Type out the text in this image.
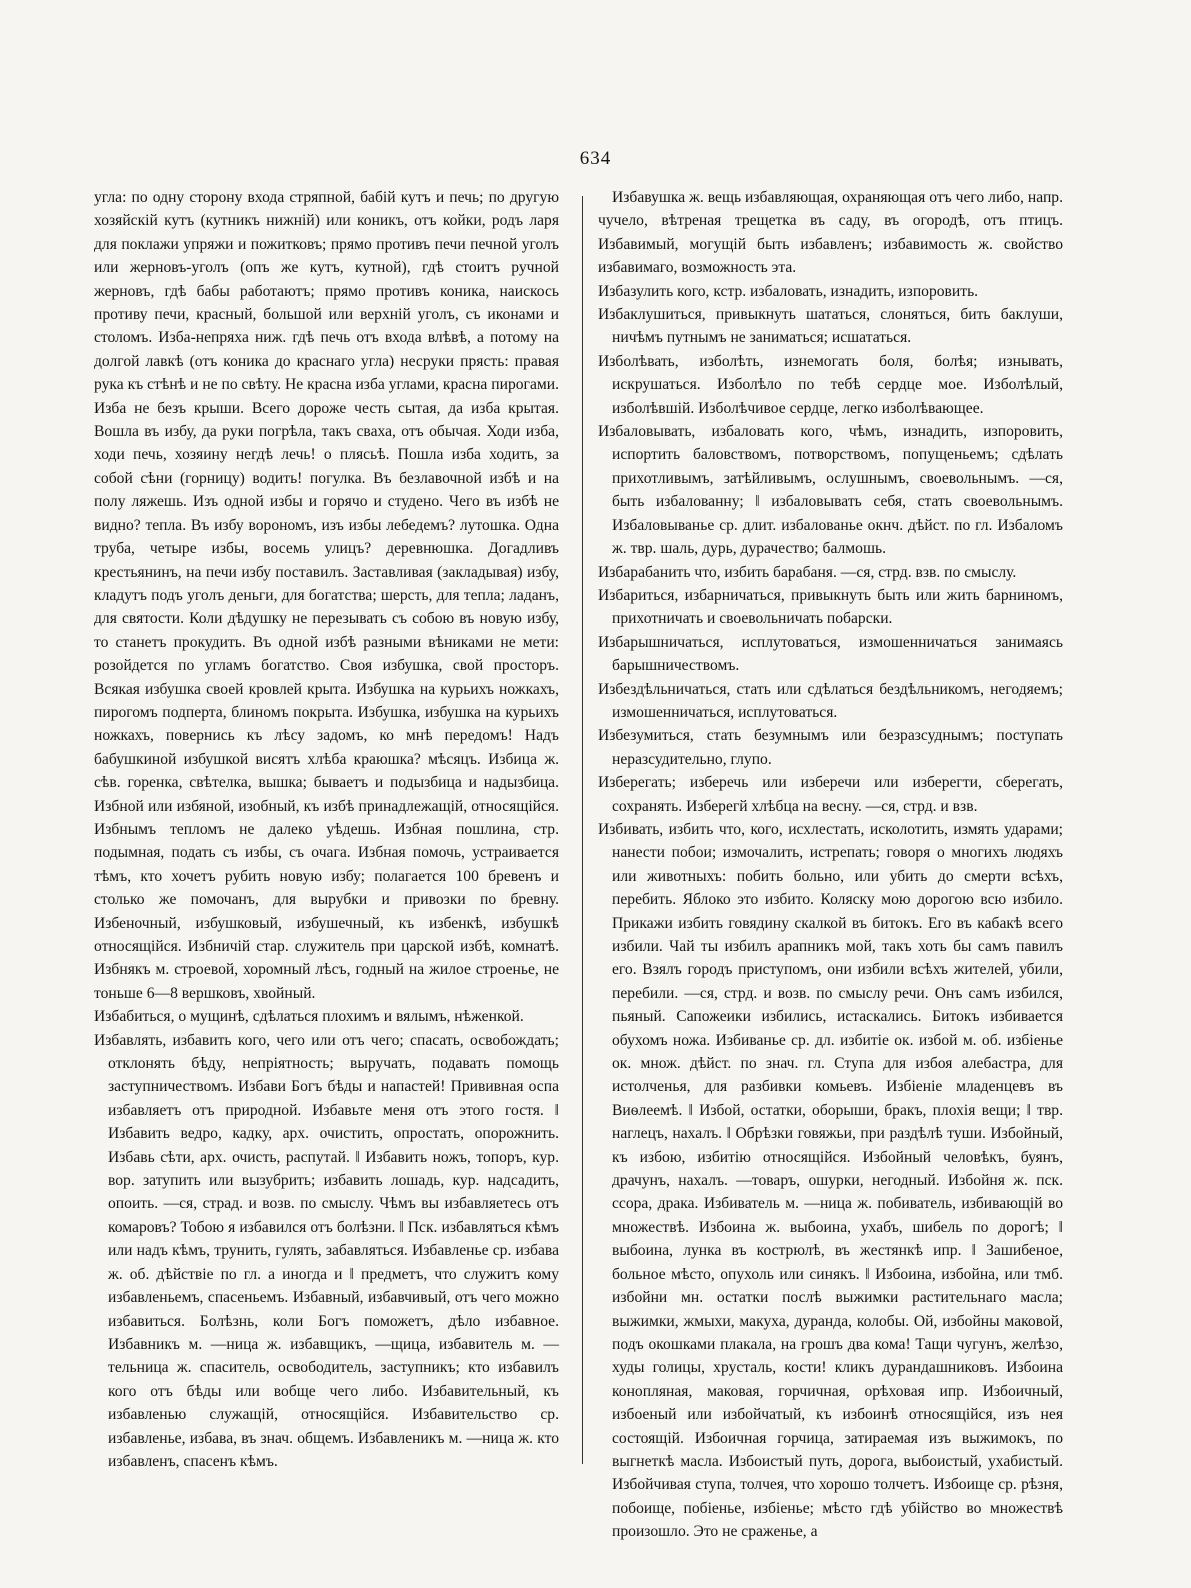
634

угла: по одну сторону входа стряпной, бабій кутъ и печь; по другую хозяйскій кутъ (кутникъ нижній) или коникъ, отъ койки, родъ ларя для поклажи упряжи и пожитковъ; прямо противъ печи печной уголъ или жерновъ-уголъ (опъ же кутъ, кутной), гдѣ стоитъ ручной жерновъ, гдѣ бабы работаютъ; прямо противъ коника, наискось противу печи, красный, большой или верхній уголъ, съ иконами и столомъ. Изба-непряха ниж. гдѣ печь отъ входа влѣвѣ, а потому на долгой лавкѣ (отъ коника до краснаго угла) несруки прясть: правая рука къ стѣнѣ и не по свѣту. Не красна изба углами, красна пирогами. Изба не безъ крыши. Всего дороже честь сытая, да изба крытая. Вошла въ избу, да руки погрѣла, такъ сваха, отъ обычая. Ходи изба, ходи печь, хозяину негдѣ лечь! о плясьѣ. Пошла изба ходить, за собой сѣни (горницу) водить! погулка. Въ безлавочной избѣ и на полу ляжешь. Изъ одной избы и горячо и студено. Чего въ избѣ не видно? тепла. Въ избу ворономъ, изъ избы лебедемъ? лутошка. Одна труба, четыре избы, восемь улицъ? деревнюшка. Догадливъ крестьянинъ, на печи избу поставилъ. Заставливая (закладывая) избу, кладутъ подъ уголъ деньги, для богатства; шерсть, для тепла; ладанъ, для святости. Коли дѣдушку не перезывать съ собою въ новую избу, то станетъ прокудить. Въ одной избѣ разными вѣниками не мети: розойдется по угламъ богатство. Своя избушка, свой просторъ. Всякая избушка своей кровлей крыта. Избушка на курьихъ ножкахъ, пирогомъ подперта, блиномъ покрыта. Избушка, избушка на курьихъ ножкахъ, повернись къ лѣсу задомъ, ко мнѣ передомъ! Надъ бабушкиной избушкой висятъ хлѣба краюшка? мѣсяцъ. Избица ж. сѣв. горенка, свѣтелка, вышка; бываетъ и подызбица и надызбица. Избной или избяной, изобный, къ избѣ принадлежащій, относящійся. Избнымъ тепломъ не далеко уѣдешь. Избная пошлина, стр. подымная, подать съ избы, съ очага. Избная помочь, устраивается тѣмъ, кто хочетъ рубить новую избу; полагается 100 бревенъ и столько же помочанъ, для вырубки и привозки по бревну. Избеночный, избушковый, избушечный, къ избенкѣ, избушкѣ относящійся. Избничій стар. служитель при царской избѣ, комнатѣ. Избнякъ м. строевой, хоромный лѣсъ, годный на жилое строенье, не тоньше 6—8 вершковъ, хвойный.

Избабиться, о мущинѣ, сдѣлаться плохимъ и вялымъ, нѣженкой.

Избавлять, избавить кого, чего или отъ чего; спасать, освобождать; отклонять бѣду, непріятность; выручать, подавать помощь заступничествомъ. Избави Богъ бѣды и напастей! Прививная оспа избавляетъ отъ природной. Избавьте меня отъ этого гостя. ‖ Избавить ведро, кадку, арх. очистить, опростать, опорожнить. Избавь сѣти, арх. очисть, распутай. ‖ Избавить ножъ, топоръ, кур. вор. затупить или вызубрить; избавить лошадь, кур. надсадить, опоить. —ся, страд. и возв. по смыслу. Чѣмъ вы избавляетесь отъ комаровъ? Тобою я избавился отъ болѣзни. ‖ Пск. избавляться кѣмъ или надъ кѣмъ, трунить, гулять, забавляться. Избавленье ср. избава ж. об. дѣйствіе по гл. а иногда и ‖ предметъ, что служитъ кому избавленьемъ, спасеньемъ. Избавный, избавчивый, отъ чего можно избавиться. Болѣзнь, коли Богъ поможетъ, дѣло избавное. Избавникъ м. —ница ж. избавщикъ, —щица, избавитель м. — тельница ж. спаситель, освободитель, заступникъ; кто избавилъ кого отъ бѣды или вобще чего либо. Избавительный, къ избавленью служащій, относящійся. Избавительство ср. избавленье, избава, въ знач. общемъ. Избавленикъ м. —ница ж. кто избавленъ, спасенъ кѣмъ.

Избавушка ж. вещь избавляющая, охраняющая отъ чего либо, напр. чучело, вѣтреная трещетка въ саду, въ огородѣ, отъ птицъ. Избавимый, могущій быть избавленъ; избавимость ж. свойство избавимаго, возможность эта.

Избазулить кого, кстр. избаловать, изнадить, изпоровить.

Избаклушиться, привыкнуть шататься, слоняться, бить баклуши, ничѣмъ путнымъ не заниматься; иcшататься.

Изболѣвать, изболѣть, изнемогать боля, болѣя; изнывать, искрушаться. Изболѣло по тебѣ сердце мое. Изболѣлый, изболѣвшій. Изболѣчивое сердце, легко изболѣвающее.

Избаловывать, избаловать кого, чѣмъ, изнадить, изпоровить, испортить баловствомъ, потворствомъ, попущеньемъ; сдѣлать прихотливымъ, затѣйливымъ, ослушнымъ, своевольнымъ. —ся, быть избалованну; ‖ избаловывать себя, стать своевольнымъ. Избаловыванье ср. длит. избалованье окнч. дѣйст. по гл. Избаломъ ж. твр. шаль, дурь, дурачество; балмошь.

Избарабанить что, избить барабаня. —ся, стрд. взв. по смыслу.

Избариться, избарничаться, привыкнуть быть или жить барниномъ, прихотничать и своевольничать побарски.

Избарышничаться, исплутоваться, измошенничаться занимаясь барышничествомъ.

Избездѣльничаться, стать или сдѣлаться бездѣльникомъ, негодяемъ; измошенничаться, исплутоваться.

Избезумиться, стать безумнымъ или безразсуднымъ; поступать неразсудительно, глупо.

Изберегать; изберечь или изберечи или изберегти, сберегать, сохранять. Изберегй хлѣбца на весну. —ся, стрд. и взв.

Избивать, избить что, кого, исхлестать, исколотить, измять ударами; нанести побои; измочалить, истрепать; говоря о многихъ людяхъ или животныхъ: побить больно, или убить до смерти всѣхъ, перебить. Яблоко это избито. Коляску мою дорогою всю избило. Прикажи избить говядину скалкой въ битокъ. Его въ кабакѣ всего избили. Чай ты избилъ арапникъ мой, такъ хоть бы самъ павилъ его. Взялъ городъ приступомъ, они избили всѣхъ жителей, убили, перебили. —ся, стрд. и возв. по смыслу речи. Онъ самъ избился, пьяный. Сапожеики избились, истаскались. Битокъ избивается обухомъ ножа. Избиванье ср. дл. избитіе ок. избой м. об. избіенье ок. множ. дѣйст. по знач. гл. Ступа для избоя алебастра, для истолченья, для разбивки комьевъ. Избіеніе младенцевъ въ Виѳлеемѣ. ‖ Избой, остатки, оборыши, бракъ, плохія вещи; ‖ твр. наглецъ, нахалъ. ‖ Обрѣзки говяжьи, при раздѣлѣ туши. Избойный, къ избою, избитію относящійся. Избойный человѣкъ, буянъ, драчунъ, нахалъ. —товаръ, ошурки, негодный. Избойня ж. пск. ссора, драка. Избиватель м. —ница ж. побиватель, избивающій во множествѣ. Избоина ж. выбоина, ухабъ, шибель по дорогѣ; ‖ выбоина, лунка въ кострюлѣ, въ жестянкѣ ипр. ‖ Зашибеное, больное мѣсто, опухоль или синякъ. ‖ Избоина, избойна, или тмб. избойни мн. остатки послѣ выжимки растительнаго масла; выжимки, жмыхи, макуха, дуранда, колобы. Ой, избойны маковой, подъ окошками плакала, на грошъ два кома! Тащи чугунъ, желѣзо, худы голицы, хрусталь, кости! кликъ дурандашниковъ. Избоина конопляная, маковая, горчичная, орѣховая ипр. Избоичный, избоеный или избойчатый, къ избоинѣ относящійся, изъ нея состоящій. Избоичная горчица, затираемая изъ выжимокъ, по выгнеткѣ масла. Избоистый путь, дорога, выбоистый, ухабистый. Избойчивая ступа, толчея, что хорошо толчетъ. Избоище ср. рѣзня, побоище, побіенье, избіенье; мѣсто гдѣ убійство во множествѣ произошло. Это не сраженье, а
